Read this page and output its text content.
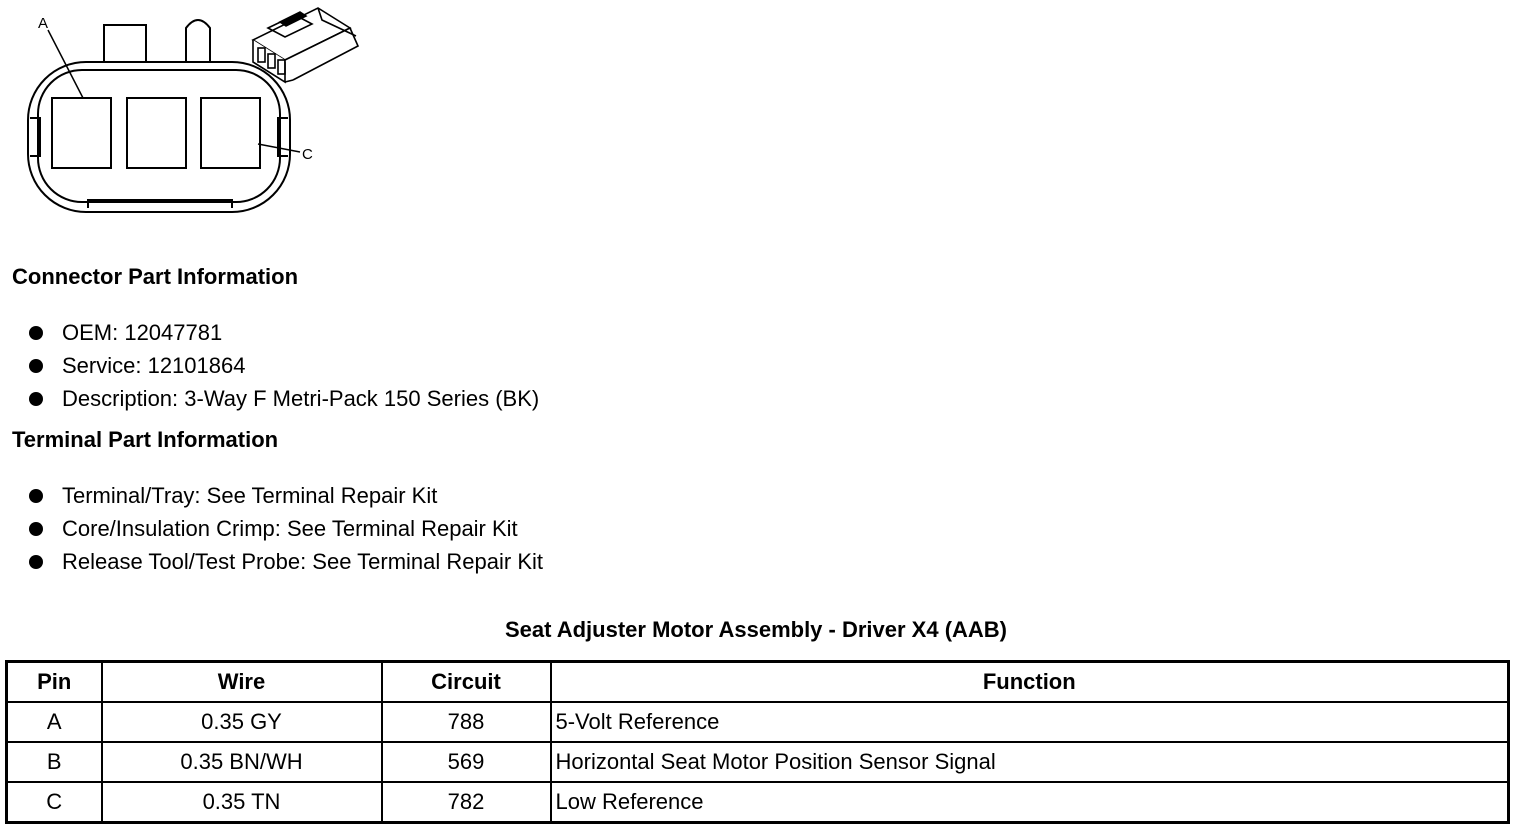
A
C
Connector Part Information
OEM: 12047781
Service: 12101864
Description: 3-Way F Metri-Pack 150 Series (BK)
Terminal Part Information
Terminal/Tray: See Terminal Repair Kit
Core/Insulation Crimp: See Terminal Repair Kit
Release Tool/Test Probe: See Terminal Repair Kit
Seat Adjuster Motor Assembly - Driver X4 (AAB)
Pin	Wire	Circuit	Function
A	0.35 GY	788	5-Volt Reference
B	0.35 BN/WH	569	Horizontal Seat Motor Position Sensor Signal
C	0.35 TN	782	Low Reference
